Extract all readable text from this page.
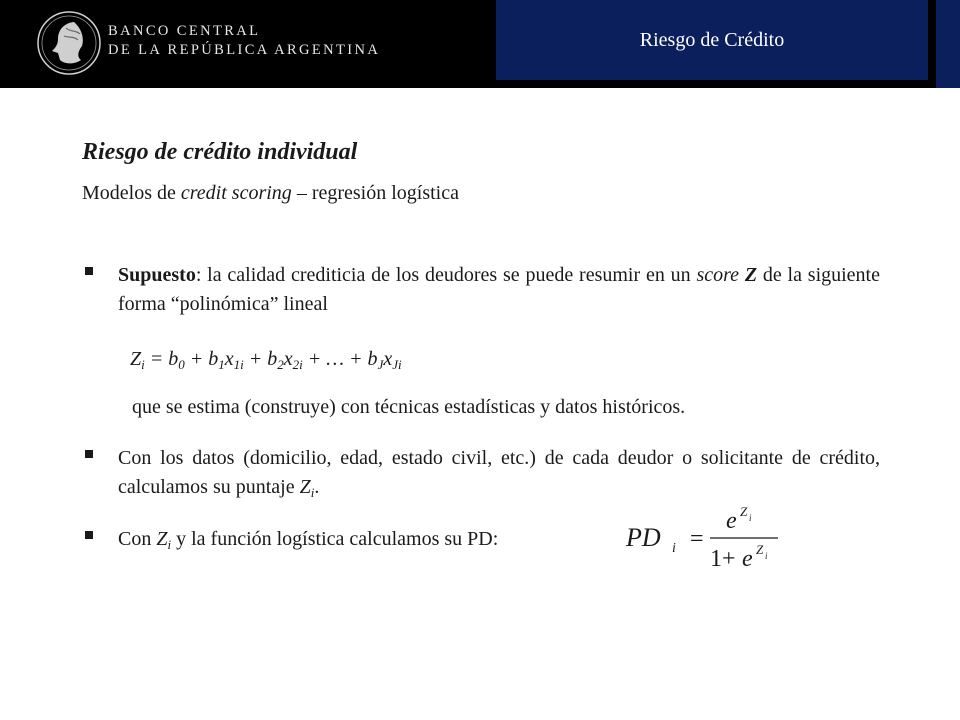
Riesgo de Crédito
BANCO CENTRAL
DE LA REPÚBLICA ARGENTINA
Riesgo de crédito individual
Modelos de credit scoring – regresión logística
Supuesto: la calidad crediticia de los deudores se puede resumir en un score Z de la siguiente forma “polinómica” lineal
$Z_i = b_0 + b_1x_{1i} + b_2x_{2i}$ + … + $b_Jx_{Ji}$
que se estima (construye) con técnicas estadísticas y datos históricos.
Con los datos (domicilio, edad, estado civil, etc.) de cada deudor o solicitante de crédito, calculamos su puntaje $Z_i$.
Con $Z_i$ y la función logística calculamos su PD:	PD i =
e Z i
1+ e Z i
